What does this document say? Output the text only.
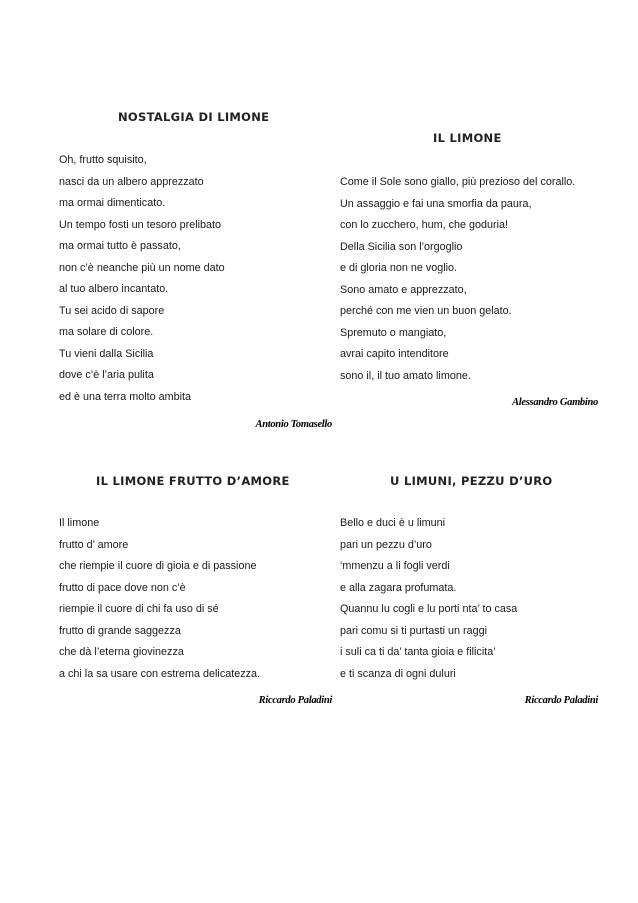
NOSTALGIA DI LIMONE
Oh, frutto squisito,
nasci da un albero apprezzato
ma ormai dimenticato.
Un tempo fosti un tesoro prelibato
ma ormai tutto è passato,
non c’è neanche più un nome dato
al tuo albero incantato.
Tu sei acido di sapore
ma solare di colore.
Tu vieni dalla Sicilia
dove c’è l’aria pulita
ed è una terra molto ambita

Antonio Tomasello

IL LIMONE
Come il Sole sono giallo, più prezioso del corallo.
Un assaggio e fai una smorfia da paura,
con lo zucchero, hum, che goduria!
Della Sicilia son l’orgoglio
e di gloria non ne voglio.
Sono amato e apprezzato,
perché con me vien un buon gelato.
Spremuto o mangiato,
avrai capito intenditore
sono il, il tuo amato limone.

Alessandro Gambino

IL LIMONE FRUTTO D’AMORE
Il limone
frutto d’ amore
che riempie il cuore di gioia e di passione
frutto di pace dove non c’è
riempie il cuore di chi fa uso di sé
frutto di grande saggezza
che dà l’eterna giovinezza
a chi la sa usare con estrema delicatezza.

Riccardo Paladini

U LIMUNI, PEZZU D’URO
Bello e duci è u limuni
pari un pezzu d’uro
‘mmenzu a li fogli verdi
e alla zagara profumata.
Quannu lu cogli e lu porti nta’ to casa
pari comu si ti purtasti un raggi
i suli ca ti da’ tanta gioia e filicita’
e ti scanza di ogni duluri

Riccardo Paladini
